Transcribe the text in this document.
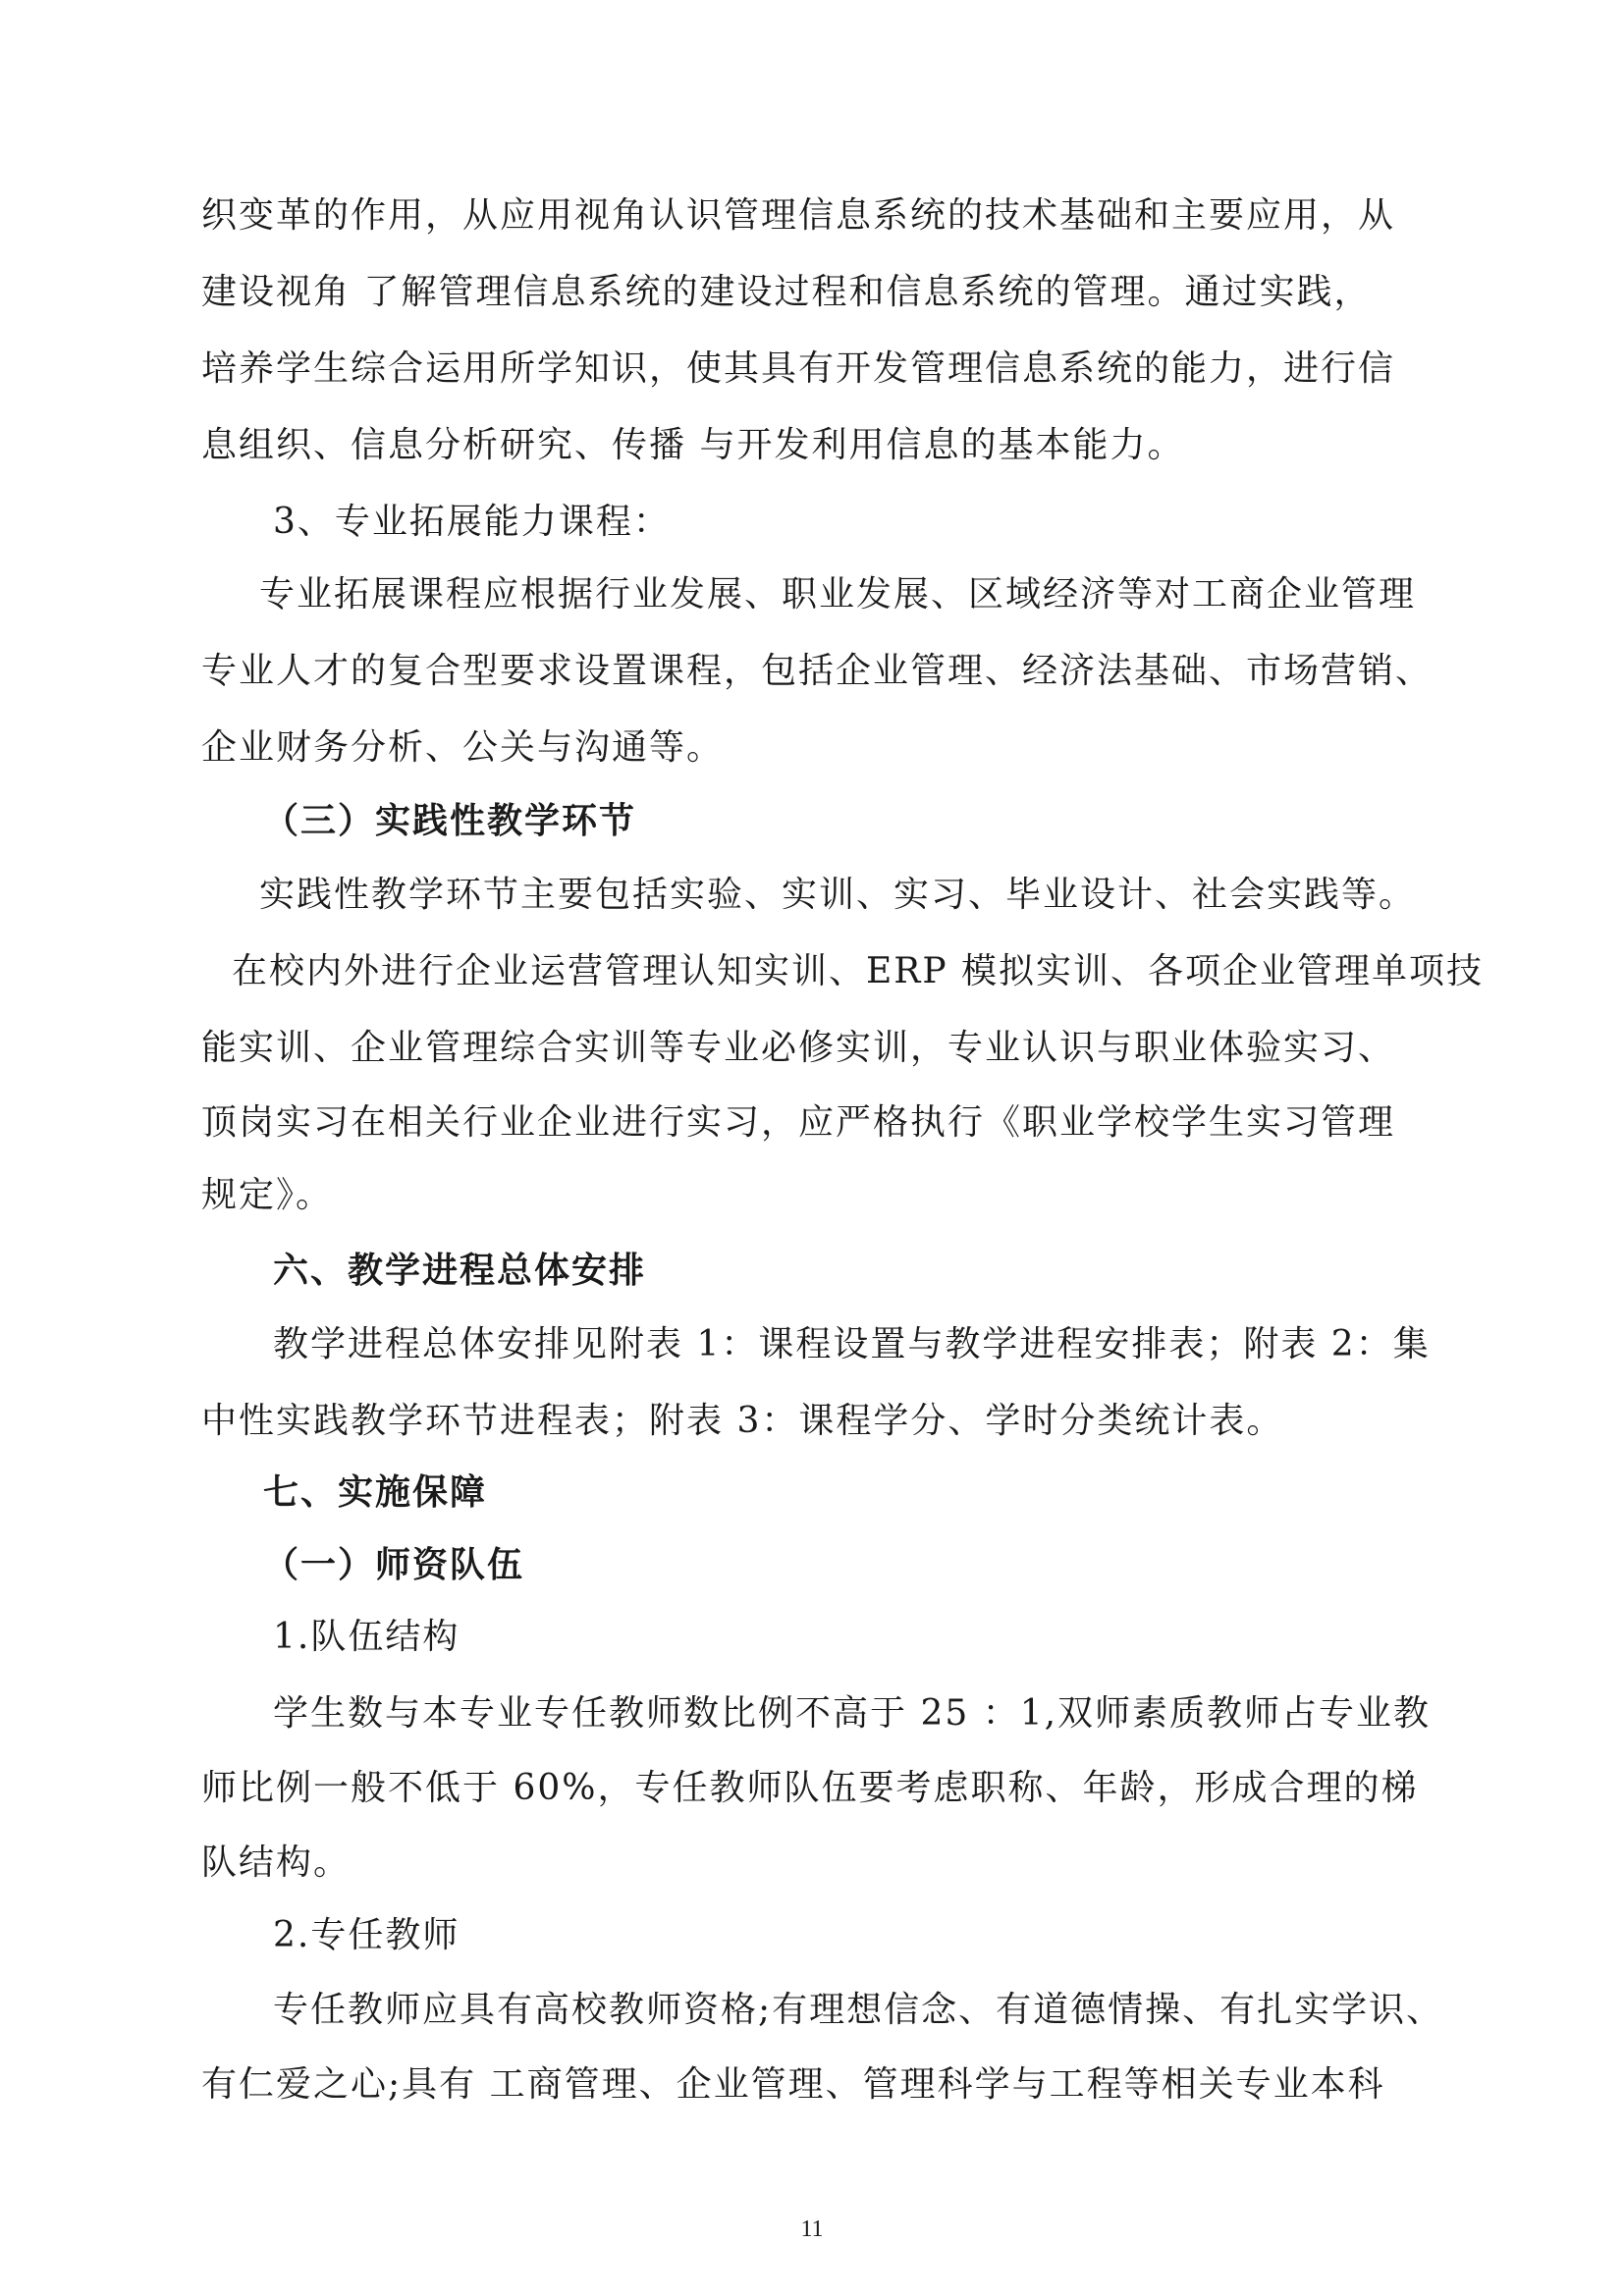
织变革的作用，从应用视角认识管理信息系统的技术基础和主要应用，从
建设视角 了解管理信息系统的建设过程和信息系统的管理。通过实践，
培养学生综合运用所学知识，使其具有开发管理信息系统的能力，进行信
息组织、信息分析研究、传播 与开发利用信息的基本能力。
3、专业拓展能力课程：
专业拓展课程应根据行业发展、职业发展、区域经济等对工商企业管理
专业人才的复合型要求设置课程，包括企业管理、经济法基础、市场营销、
企业财务分析、公关与沟通等。
（三）实践性教学环节
实践性教学环节主要包括实验、实训、实习、毕业设计、社会实践等。
在校内外进行企业运营管理认知实训、ERP 模拟实训、各项企业管理单项技
能实训、企业管理综合实训等专业必修实训，专业认识与职业体验实习、
顶岗实习在相关行业企业进行实习，应严格执行《职业学校学生实习管理
规定》。
六、教学进程总体安排
教学进程总体安排见附表 1：课程设置与教学进程安排表；附表 2：集
中性实践教学环节进程表；附表 3：课程学分、学时分类统计表。
七、实施保障
（一）师资队伍
1.队伍结构
学生数与本专业专任教师数比例不高于 25 ：1,双师素质教师占专业教
师比例一般不低于 60%，专任教师队伍要考虑职称、年龄，形成合理的梯
队结构。
2.专任教师
专任教师应具有高校教师资格;有理想信念、有道德情操、有扎实学识、
有仁爱之心;具有 工商管理、企业管理、管理科学与工程等相关专业本科
11
